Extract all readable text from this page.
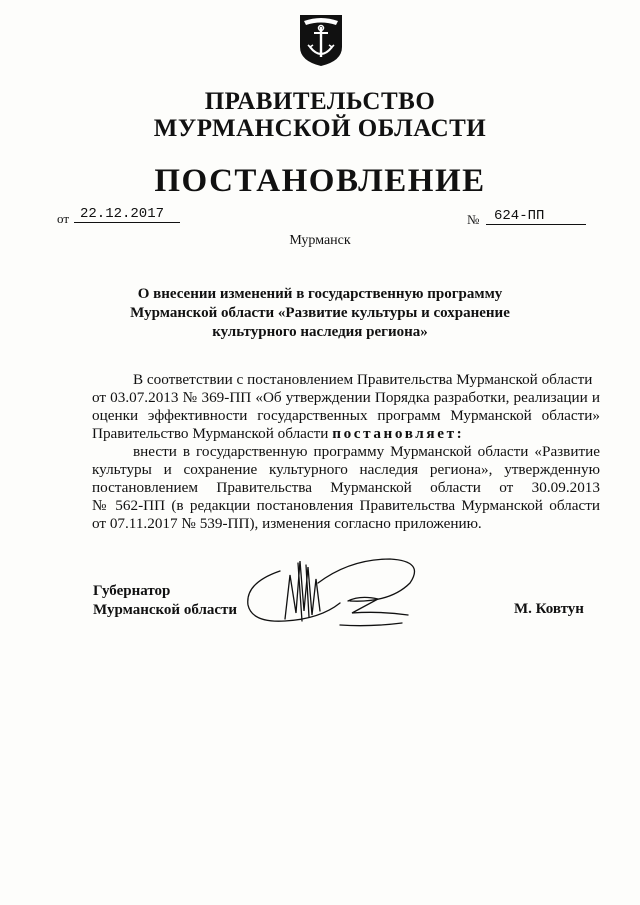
ПРАВИТЕЛЬСТВО
МУРМАНСКОЙ ОБЛАСТИ
ПОСТАНОВЛЕНИЕ
от 22.12.2017	№	624-ПП
Мурманск
О внесении изменений в государственную программу
Мурманской области «Развитие культуры и сохранение
культурного наследия региона»
В соответствии с постановлением Правительства Мурманской области
от 03.07.2013 № 369-ПП «Об утверждении Порядка разработки, реализации и
оценки эффективности государственных программ Мурманской области»
Правительство Мурманской области постановляет:
внести в государственную программу Мурманской области «Развитие
культуры и сохранение культурного наследия региона», утвержденную
постановлением Правительства Мурманской области от 30.09.2013
№ 562-ПП (в редакции постановления Правительства Мурманской области
от 07.11.2017 № 539-ПП), изменения согласно приложению.
Губернатор
Мурманской области	М. Ковтун
